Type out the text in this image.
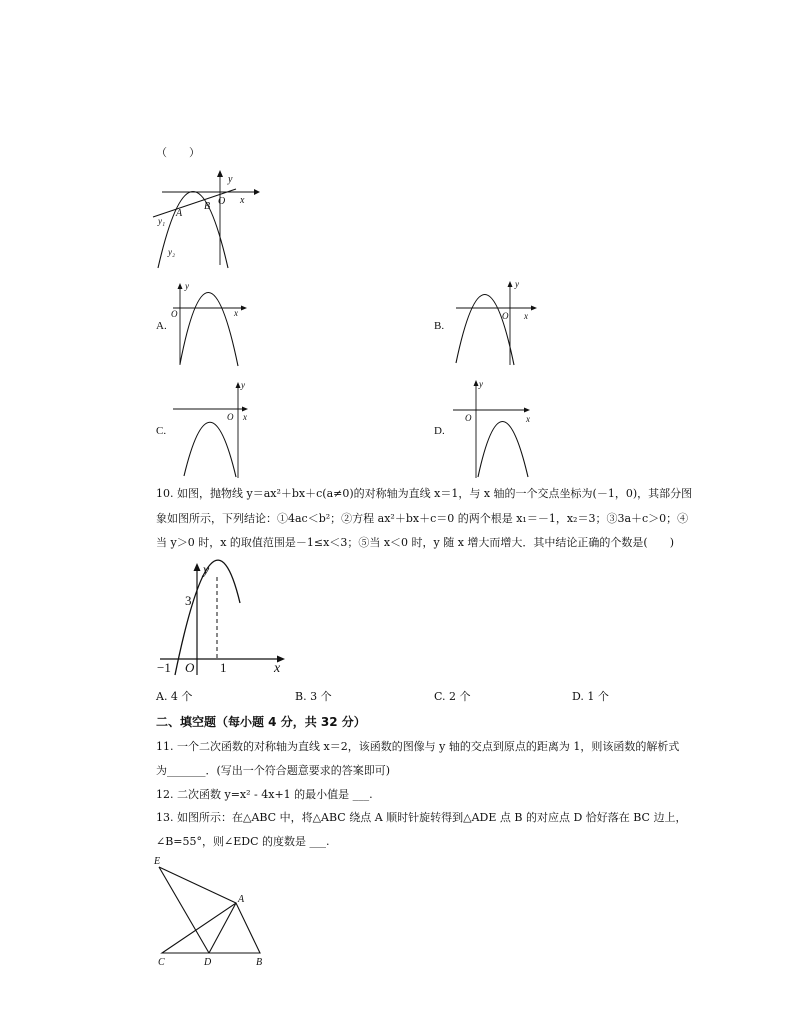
（　　）
y
x
O
A
B
y₁
y₂
A.
y
x
O
B.
y
x
O
C.
y
x
O
D.
y
x
O
10. 如图，抛物线 y＝ax²＋bx＋c(a≠0)的对称轴为直线 x＝1，与 x 轴的一个交点坐标为(－1，0)，其部分图
象如图所示，下列结论：①4ac＜b²；②方程 ax²＋bx＋c＝0 的两个根是 x₁＝－1，x₂＝3；③3a＋c＞0；④
当 y＞0 时，x 的取值范围是－1≤x＜3；⑤当 x＜0 时，y 随 x 增大而增大．其中结论正确的个数是(　　)
y
x
O
3
−1	1
A. 4 个	B. 3 个	C. 2 个	D. 1 个
二、填空题（每小题 4 分，共 32 分）
11. 一个二次函数的对称轴为直线 x＝2，该函数的图像与 y 轴的交点到原点的距离为 1，则该函数的解析式
为_______．(写出一个符合题意要求的答案即可)
12. 二次函数 y=x² - 4x+1 的最小值是 ___.
13. 如图所示：在△ABC 中，将△ABC 绕点 A 顺时针旋转得到△ADE 点 B 的对应点 D 恰好落在 BC 边上，
∠B=55°，则∠EDC 的度数是 ___.
E
A
C	D	B
